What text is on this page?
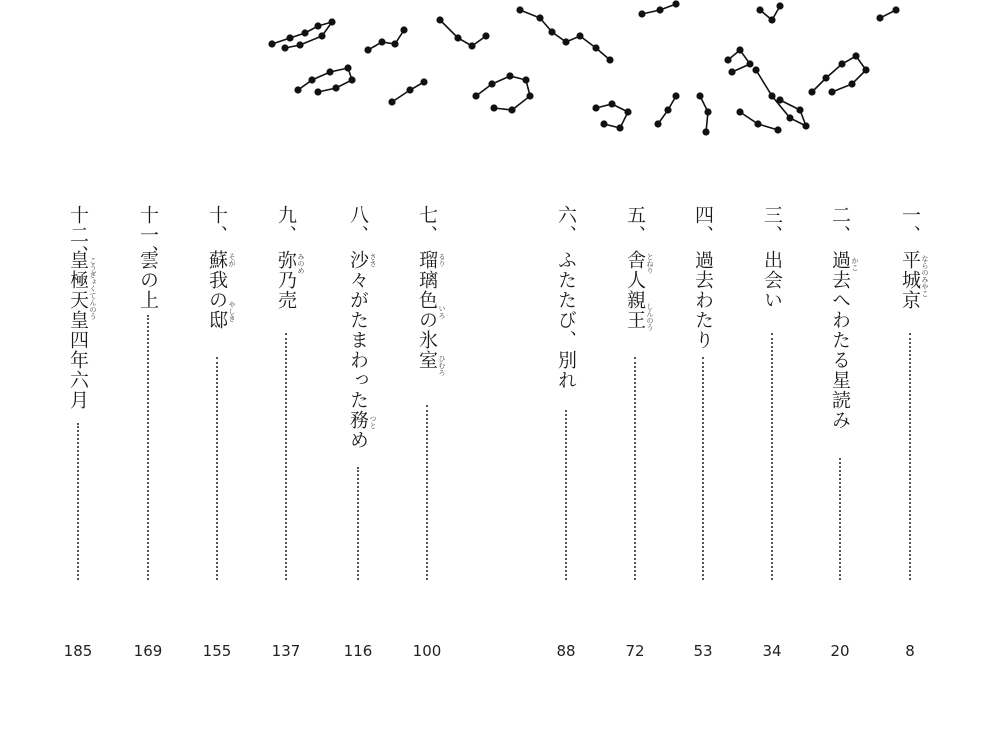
一、
平城京 ならのみやこ
8
二、
過去へわたる星読み かこ
20
三、
出会い
34
四、
過去わたり
53
五、
舎人親王 とねり
しんのう
72
六、
ふたたび、別れ
88
七、
瑠璃色の氷室 るり
いろ
ひむろ
100
八、
沙々がたまわった務め ささ
つと
116
九、
弥乃売 みのめ
137
十、
蘇我の邸 そが
やしき
155
十一、
雲の上
169
十二、
皇極天皇四年六月 こうぎょくてんのう
185
